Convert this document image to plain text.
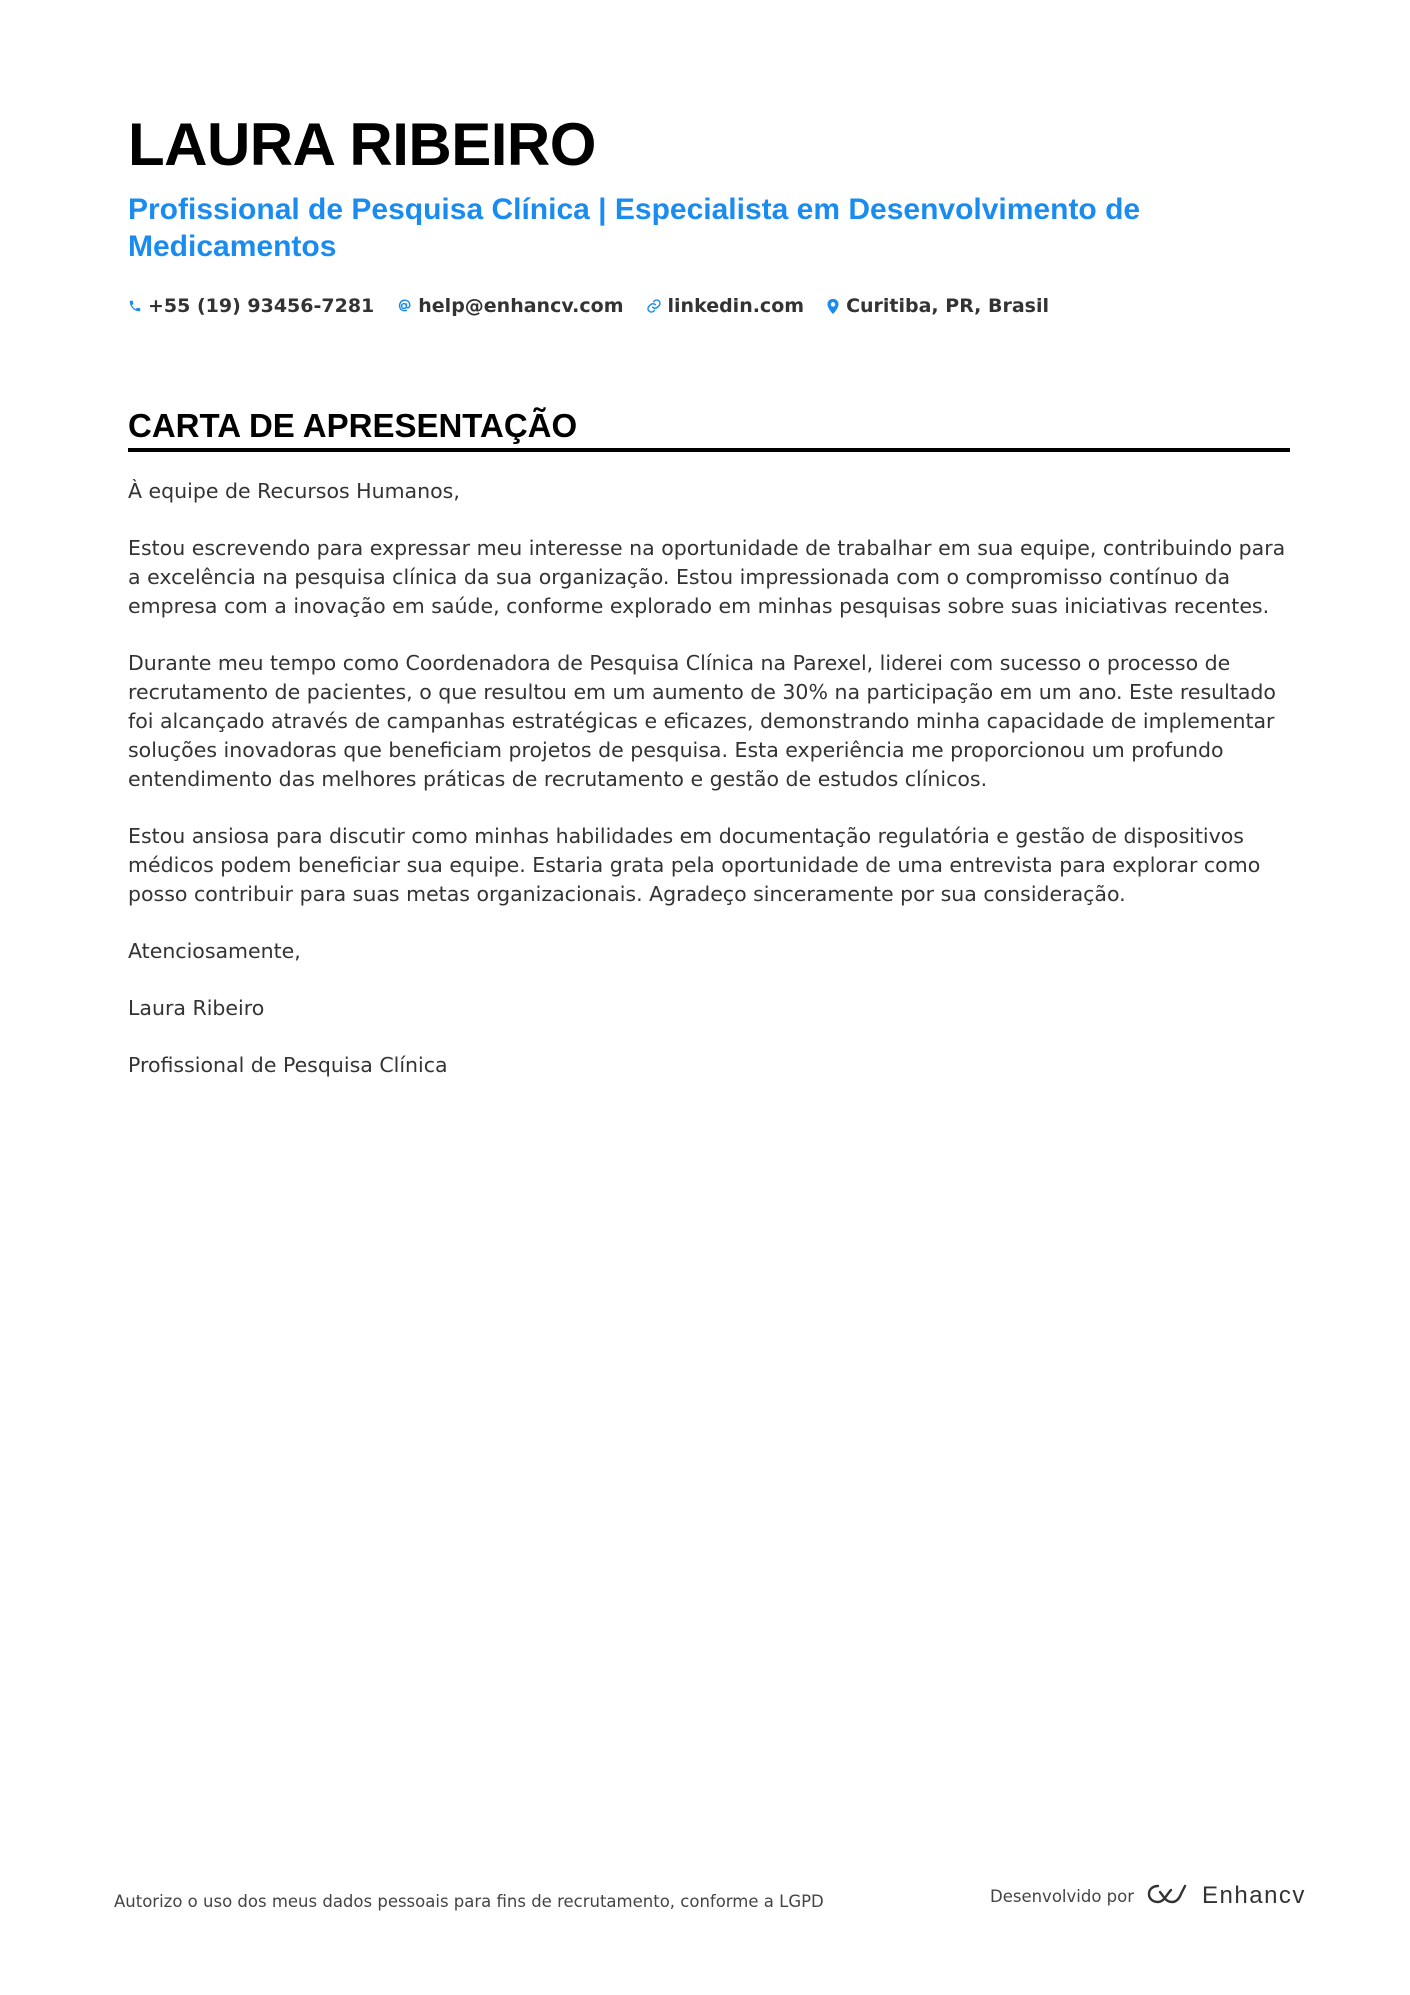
LAURA RIBEIRO
Profissional de Pesquisa Clínica | Especialista em Desenvolvimento de Medicamentos
+55 (19) 93456-7281 help@enhancv.com linkedin.com Curitiba, PR, Brasil
CARTA DE APRESENTAÇÃO

À equipe de Recursos Humanos,

Estou escrevendo para expressar meu interesse na oportunidade de trabalhar em sua equipe, contribuindo para a excelência na pesquisa clínica da sua organização. Estou impressionada com o compromisso contínuo da empresa com a inovação em saúde, conforme explorado em minhas pesquisas sobre suas iniciativas recentes.

Durante meu tempo como Coordenadora de Pesquisa Clínica na Parexel, liderei com sucesso o processo de recrutamento de pacientes, o que resultou em um aumento de 30% na participação em um ano. Este resultado foi alcançado através de campanhas estratégicas e eficazes, demonstrando minha capacidade de implementar soluções inovadoras que beneficiam projetos de pesquisa. Esta experiência me proporcionou um profundo entendimento das melhores práticas de recrutamento e gestão de estudos clínicos.

Estou ansiosa para discutir como minhas habilidades em documentação regulatória e gestão de dispositivos médicos podem beneficiar sua equipe. Estaria grata pela oportunidade de uma entrevista para explorar como posso contribuir para suas metas organizacionais. Agradeço sinceramente por sua consideração.

Atenciosamente,

Laura Ribeiro

Profissional de Pesquisa Clínica

Autorizo o uso dos meus dados pessoais para fins de recrutamento, conforme a LGPD	Desenvolvido por	Enhancv
